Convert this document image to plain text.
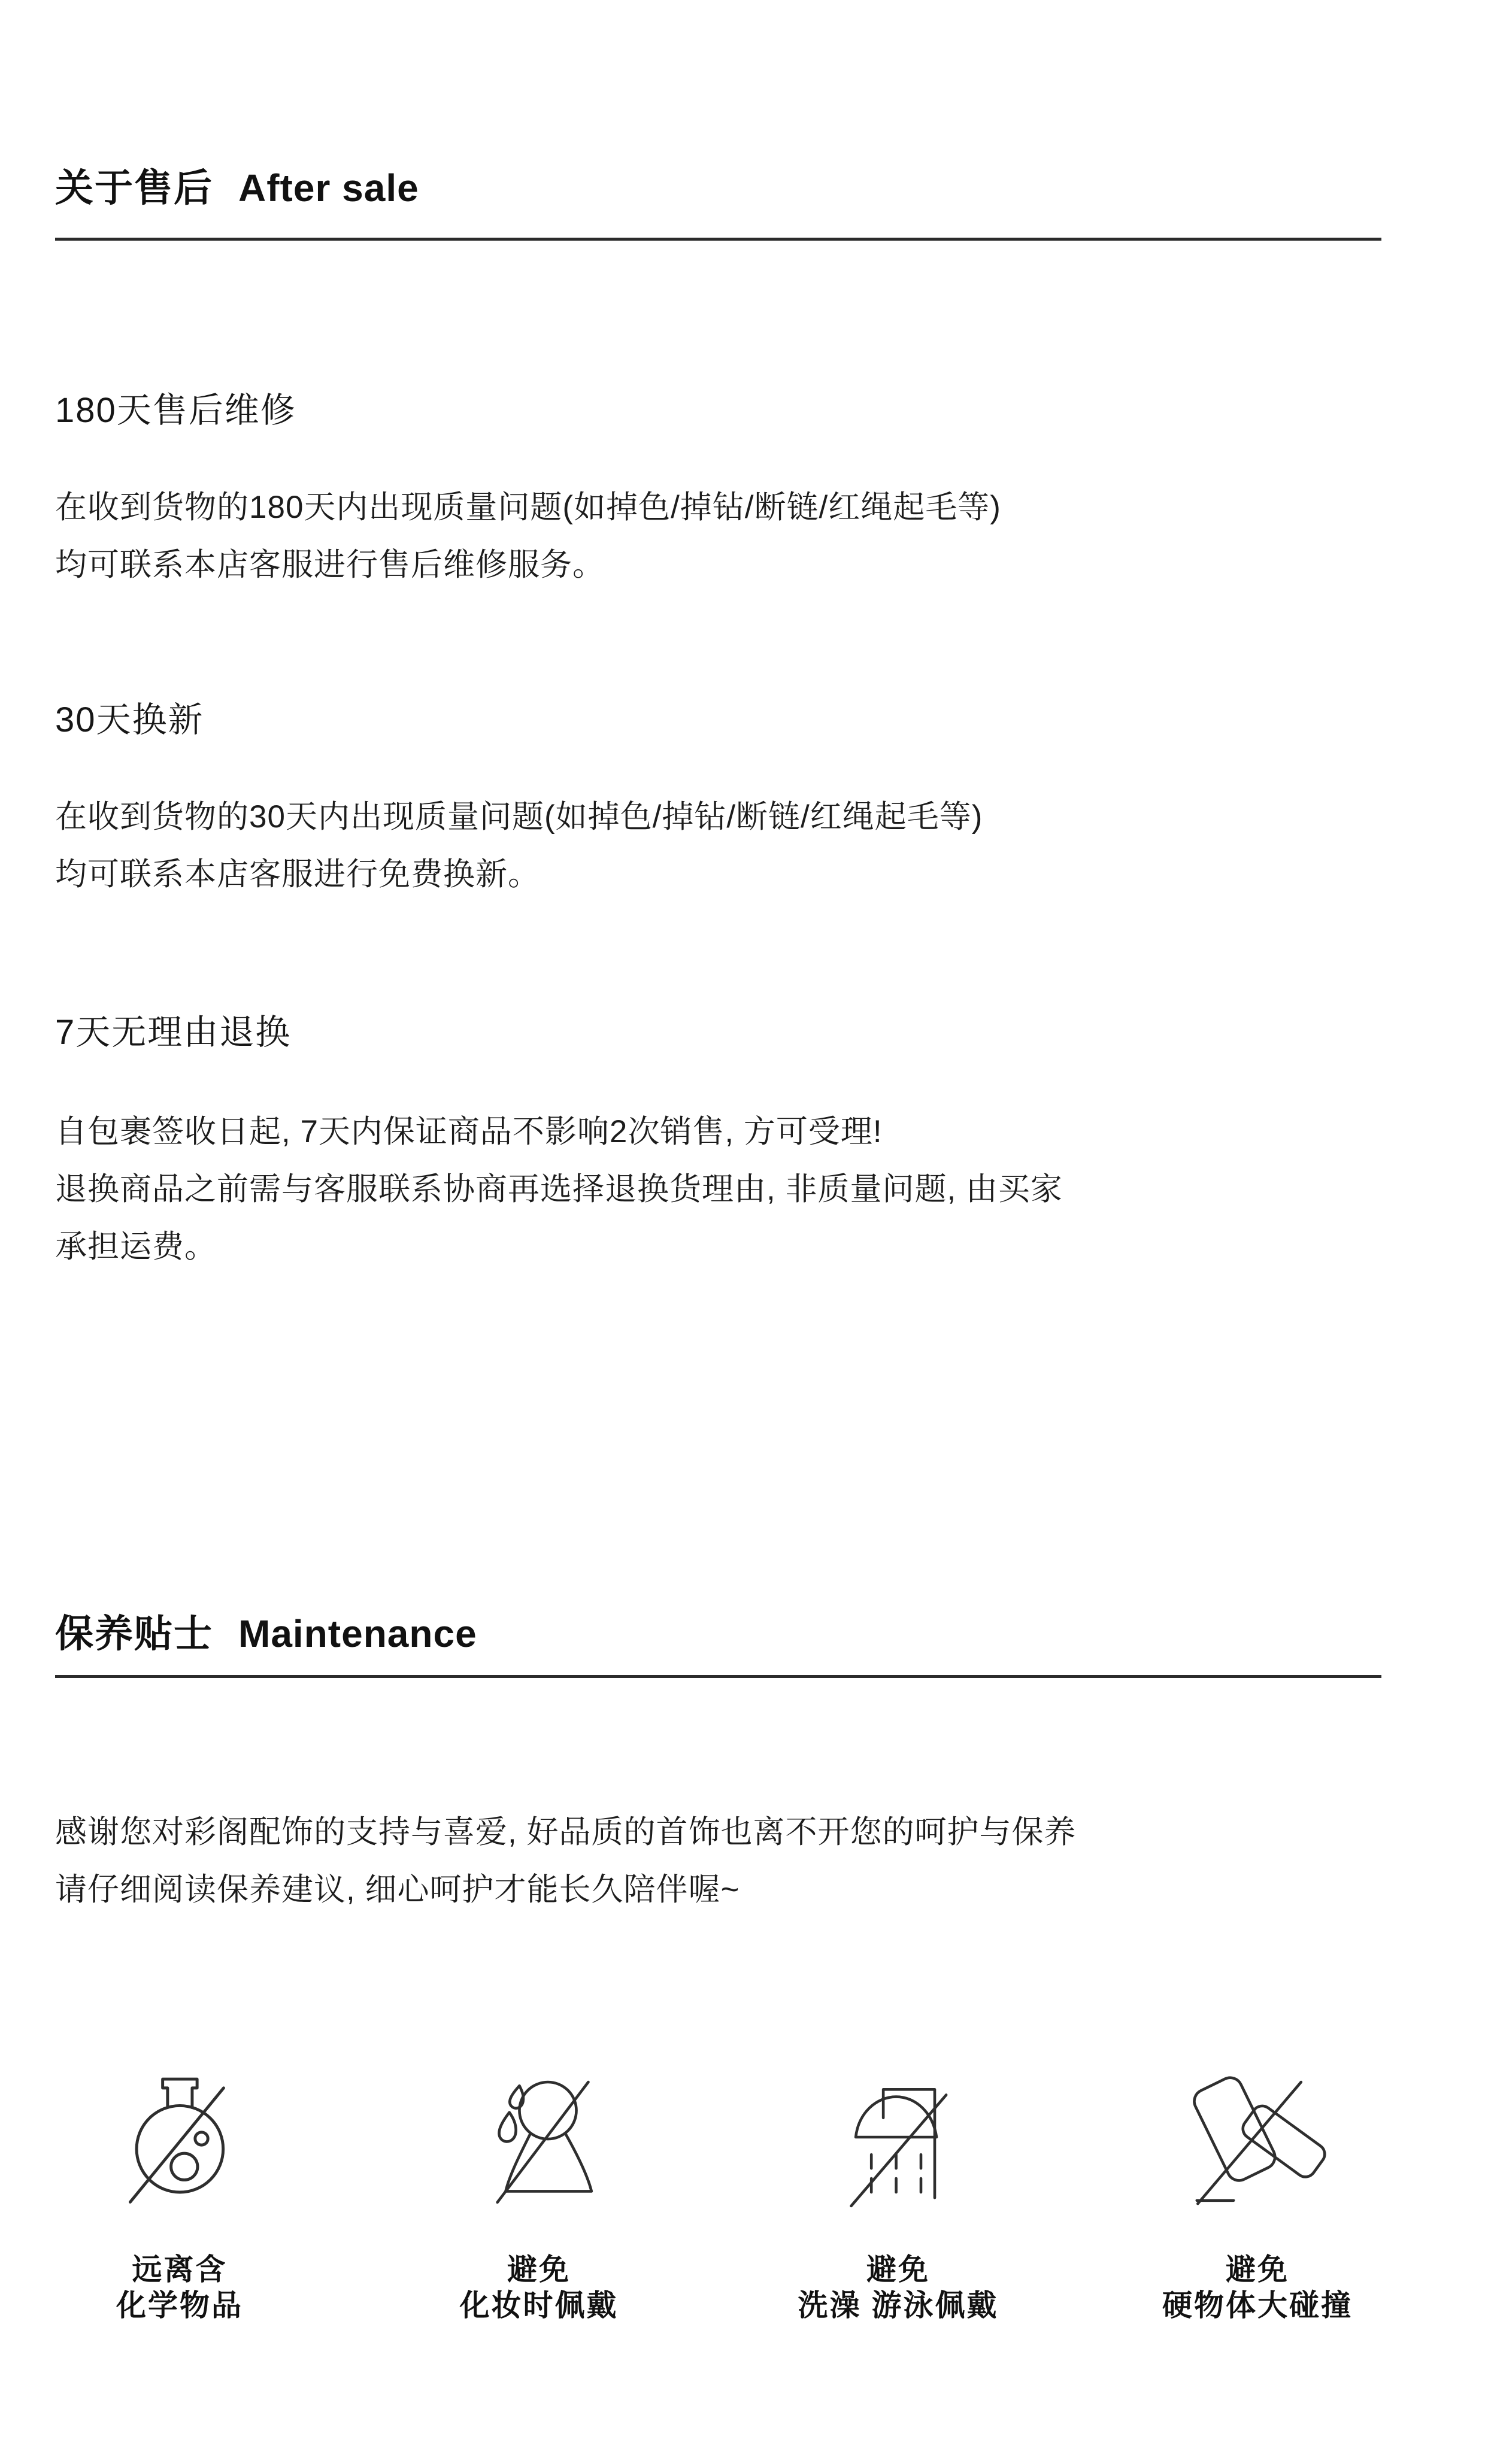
关于售后 After sale
180天售后维修
在收到货物的180天内出现质量问题(如掉色/掉钻/断链/红绳起毛等)
均可联系本店客服进行售后维修服务。
30天换新
在收到货物的30天内出现质量问题(如掉色/掉钻/断链/红绳起毛等)
均可联系本店客服进行免费换新。
7天无理由退换
自包裹签收日起, 7天内保证商品不影响2次销售, 方可受理!
退换商品之前需与客服联系协商再选择退换货理由, 非质量问题, 由买家
承担运费。
保养贴士 Maintenance
感谢您对彩阁配饰的支持与喜爱, 好品质的首饰也离不开您的呵护与保养
请仔细阅读保养建议, 细心呵护才能长久陪伴喔~
远离含
化学物品
避免
化妆时佩戴
避免
洗澡 游泳佩戴
避免
硬物体大碰撞
